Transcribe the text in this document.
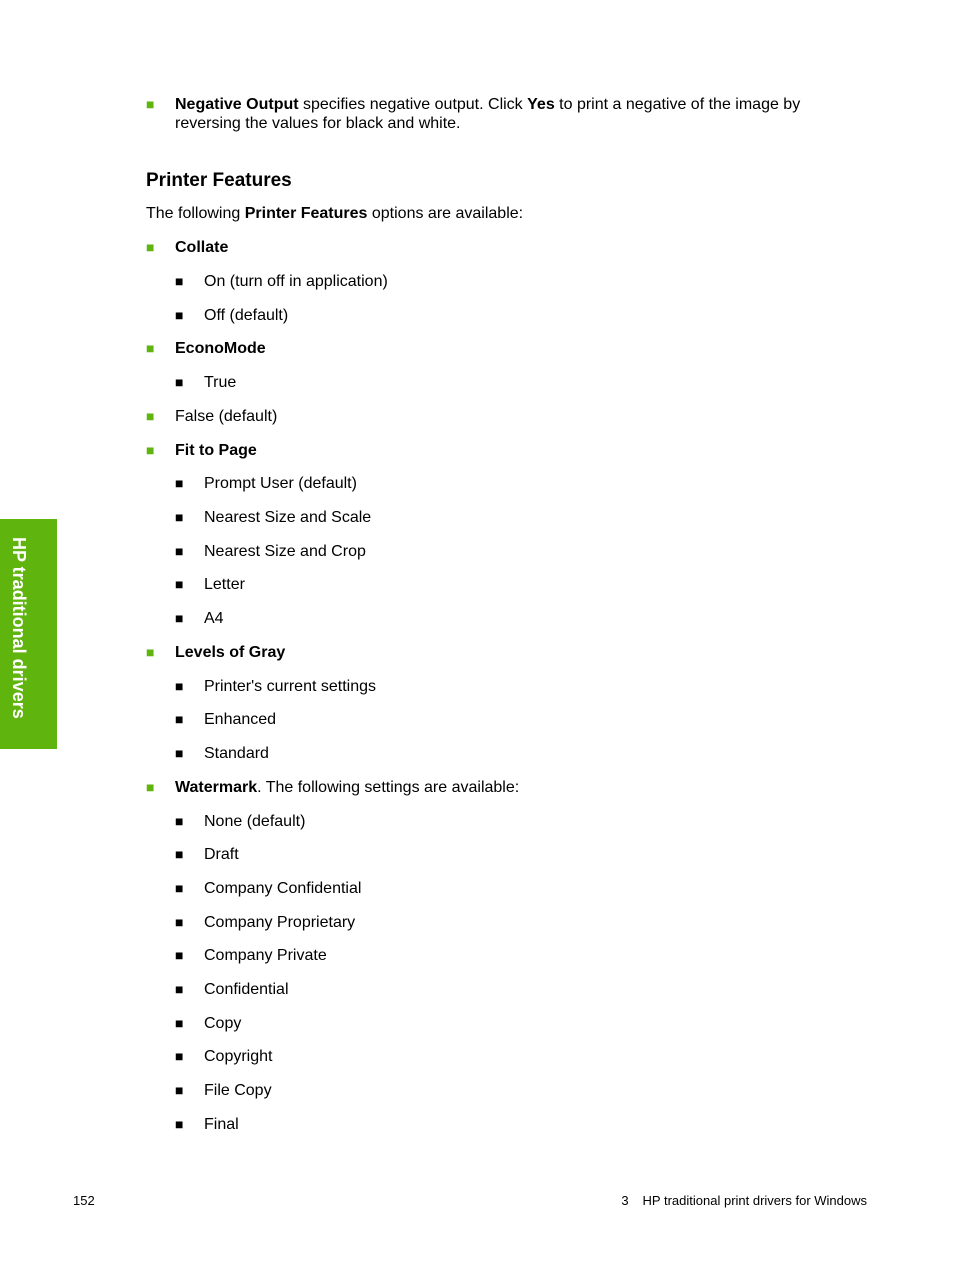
HP traditional drivers
■ Negative Output specifies negative output. Click Yes to print a negative of the image by
reversing the values for black and white.
Printer Features
The following Printer Features options are available:
■ Collate
■ On (turn off in application)
■ Off (default)
■ EconoMode
■ True
■ False (default)
■ Fit to Page
■ Prompt User (default)
■ Nearest Size and Scale
■ Nearest Size and Crop
■ Letter
■ A4
■ Levels of Gray
■ Printer's current settings
■ Enhanced
■ Standard
■ Watermark. The following settings are available:
■ None (default)
■ Draft
■ Company Confidential
■ Company Proprietary
■ Company Private
■ Confidential
■ Copy
■ Copyright
■ File Copy
■ Final
152	3 HP traditional print drivers for Windows
